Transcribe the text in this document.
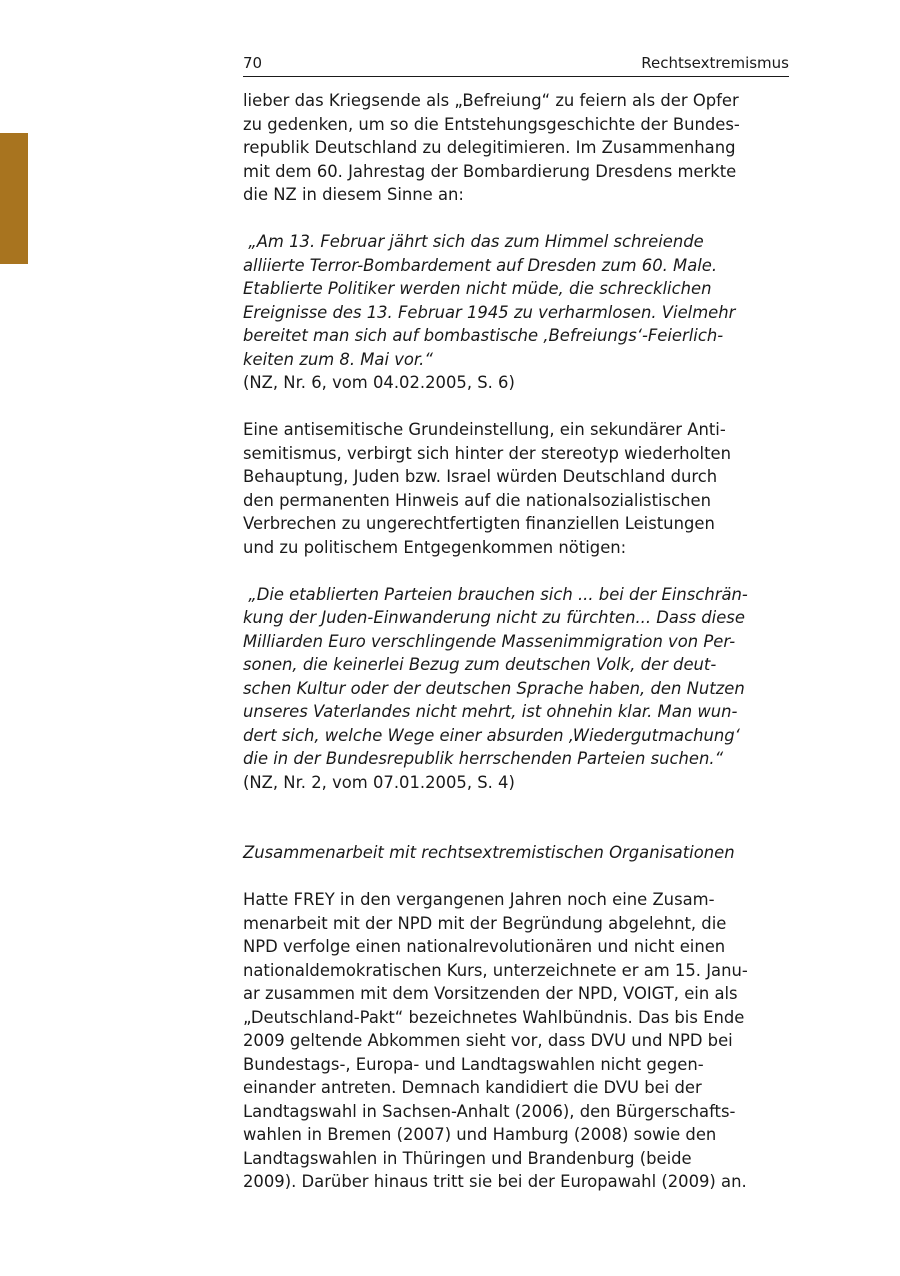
70	Rechtsextremismus

lieber das Kriegsende als „Befreiung“ zu feiern als der Opfer
zu gedenken, um so die Entstehungsgeschichte der Bundes-
republik Deutschland zu delegitimieren. Im Zusammenhang
mit dem 60. Jahrestag der Bombardierung Dresdens merkte
die NZ in diesem Sinne an:

„Am 13. Februar jährt sich das zum Himmel schreiende
alliierte Terror-Bombardement auf Dresden zum 60. Male.
Etablierte Politiker werden nicht müde, die schrecklichen
Ereignisse des 13. Februar 1945 zu verharmlosen. Vielmehr
bereitet man sich auf bombastische ‚Befreiungs‘-Feierlich-
keiten zum 8. Mai vor.“
(NZ, Nr. 6, vom 04.02.2005, S. 6)

Eine antisemitische Grundeinstellung, ein sekundärer Anti-
semitismus, verbirgt sich hinter der stereotyp wiederholten
Behauptung, Juden bzw. Israel würden Deutschland durch
den permanenten Hinweis auf die nationalsozialistischen
Verbrechen zu ungerechtfertigten finanziellen Leistungen
und zu politischem Entgegenkommen nötigen:

„Die etablierten Parteien brauchen sich ... bei der Einschrän-
kung der Juden-Einwanderung nicht zu fürchten... Dass diese
Milliarden Euro verschlingende Massenimmigration von Per-
sonen, die keinerlei Bezug zum deutschen Volk, der deut-
schen Kultur oder der deutschen Sprache haben, den Nutzen
unseres Vaterlandes nicht mehrt, ist ohnehin klar. Man wun-
dert sich, welche Wege einer absurden ‚Wiedergutmachung‘
die in der Bundesrepublik herrschenden Parteien suchen.“
(NZ, Nr. 2, vom 07.01.2005, S. 4)

Zusammenarbeit mit rechtsextremistischen Organisationen

Hatte FREY in den vergangenen Jahren noch eine Zusam-
menarbeit mit der NPD mit der Begründung abgelehnt, die
NPD verfolge einen nationalrevolutionären und nicht einen
nationaldemokratischen Kurs, unterzeichnete er am 15. Janu-
ar zusammen mit dem Vorsitzenden der NPD, VOIGT, ein als
„Deutschland-Pakt“ bezeichnetes Wahlbündnis. Das bis Ende
2009 geltende Abkommen sieht vor, dass DVU und NPD bei
Bundestags-, Europa- und Landtagswahlen nicht gegen-
einander antreten. Demnach kandidiert die DVU bei der
Landtagswahl in Sachsen-Anhalt (2006), den Bürgerschafts-
wahlen in Bremen (2007) und Hamburg (2008) sowie den
Landtagswahlen in Thüringen und Brandenburg (beide
2009). Darüber hinaus tritt sie bei der Europawahl (2009) an.
